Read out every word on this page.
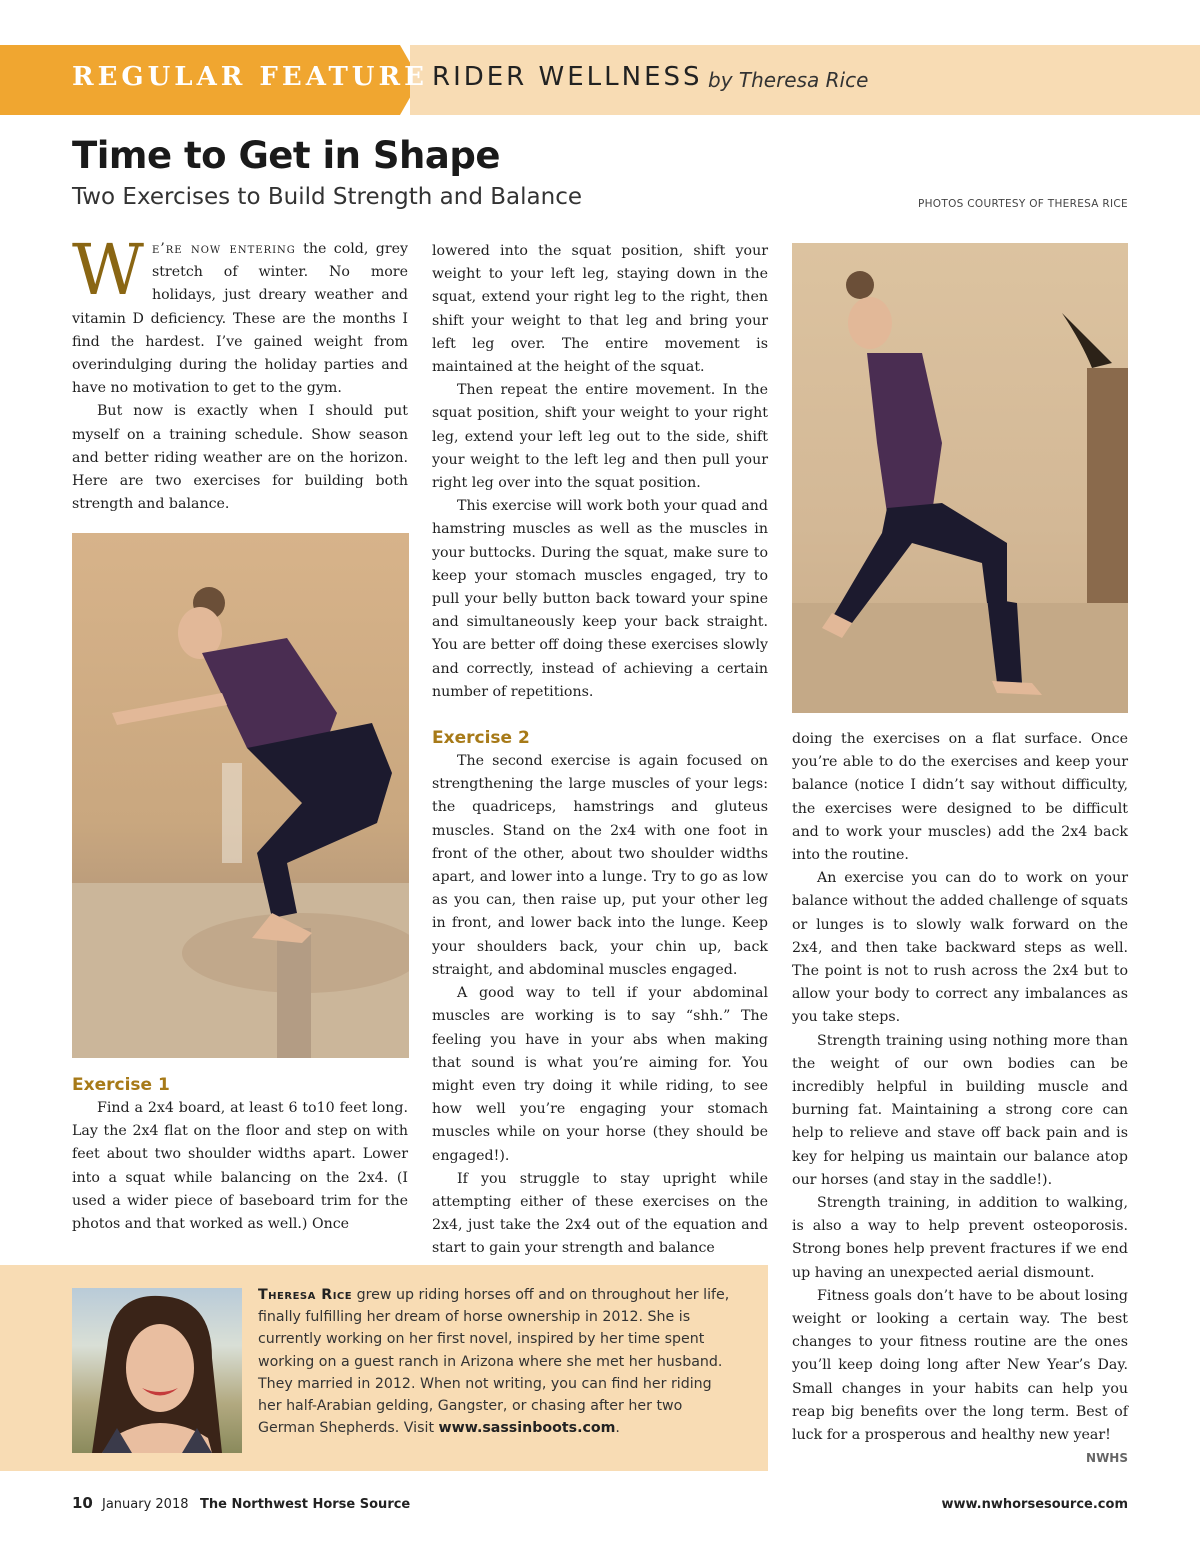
REGULAR FEATURE RIDER WELLNESS by Theresa Rice
Time to Get in Shape
Two Exercises to Build Strength and Balance	PHOTOS COURTESY OF THERESA RICE

We’re now entering the cold, grey stretch of winter. No more holidays, just dreary weather and vitamin D deficiency. These are the months I find the hardest. I’ve gained weight from overindulging during the holiday parties and have no motivation to get to the gym.

But now is exactly when I should put myself on a training schedule. Show season and better riding weather are on the horizon. Here are two exercises for building both strength and balance.

Exercise 1

Find a 2x4 board, at least 6 to10 feet long. Lay the 2x4 flat on the floor and step on with feet about two shoulder widths apart. Lower into a squat while balancing on the 2x4. (I used a wider piece of baseboard trim for the photos and that worked as well.) Once

lowered into the squat position, shift your weight to your left leg, staying down in the squat, extend your right leg to the right, then shift your weight to that leg and bring your left leg over. The entire movement is maintained at the height of the squat.

Then repeat the entire movement. In the squat position, shift your weight to your right leg, extend your left leg out to the side, shift your weight to the left leg and then pull your right leg over into the squat position.

This exercise will work both your quad and hamstring muscles as well as the muscles in your buttocks. During the squat, make sure to keep your stomach muscles engaged, try to pull your belly button back toward your spine and simultaneously keep your back straight. You are better off doing these exercises slowly and correctly, instead of achieving a certain number of repetitions.

Exercise 2

The second exercise is again focused on strengthening the large muscles of your legs: the quadriceps, hamstrings and gluteus muscles. Stand on the 2x4 with one foot in front of the other, about two shoulder widths apart, and lower into a lunge. Try to go as low as you can, then raise up, put your other leg in front, and lower back into the lunge. Keep your shoulders back, your chin up, back straight, and abdominal muscles engaged.

A good way to tell if your abdominal muscles are working is to say “shh.” The feeling you have in your abs when making that sound is what you’re aiming for. You might even try doing it while riding, to see how well you’re engaging your stomach muscles while on your horse (they should be engaged!).

If you struggle to stay upright while attempting either of these exercises on the 2x4, just take the 2x4 out of the equation and start to gain your strength and balance

doing the exercises on a flat surface. Once you’re able to do the exercises and keep your balance (notice I didn’t say without difficulty, the exercises were designed to be difficult and to work your muscles) add the 2x4 back into the routine.

An exercise you can do to work on your balance without the added challenge of squats or lunges is to slowly walk forward on the 2x4, and then take backward steps as well. The point is not to rush across the 2x4 but to allow your body to correct any imbalances as you take steps.

Strength training using nothing more than the weight of our own bodies can be incredibly helpful in building muscle and burning fat. Maintaining a strong core can help to relieve and stave off back pain and is key for helping us maintain our balance atop our horses (and stay in the saddle!).

Strength training, in addition to walking, is also a way to help prevent osteoporosis. Strong bones help prevent fractures if we end up having an unexpected aerial dismount.

Fitness goals don’t have to be about losing weight or looking a certain way. The best changes to your fitness routine are the ones you’ll keep doing long after New Year’s Day. Small changes in your habits can help you reap big benefits over the long term. Best of luck for a prosperous and healthy new year!

NWHS
Theresa Rice grew up riding horses off and on throughout her life, finally fulfilling her dream of horse ownership in 2012. She is currently working on her first novel, inspired by her time spent working on a guest ranch in Arizona where she met her husband. They married in 2012. When not writing, you can find her riding her half-Arabian gelding, Gangster, or chasing after her two German Shepherds. Visit www.sassinboots.com.
10 January 2018 The Northwest Horse Source	www.nwhorsesource.com
